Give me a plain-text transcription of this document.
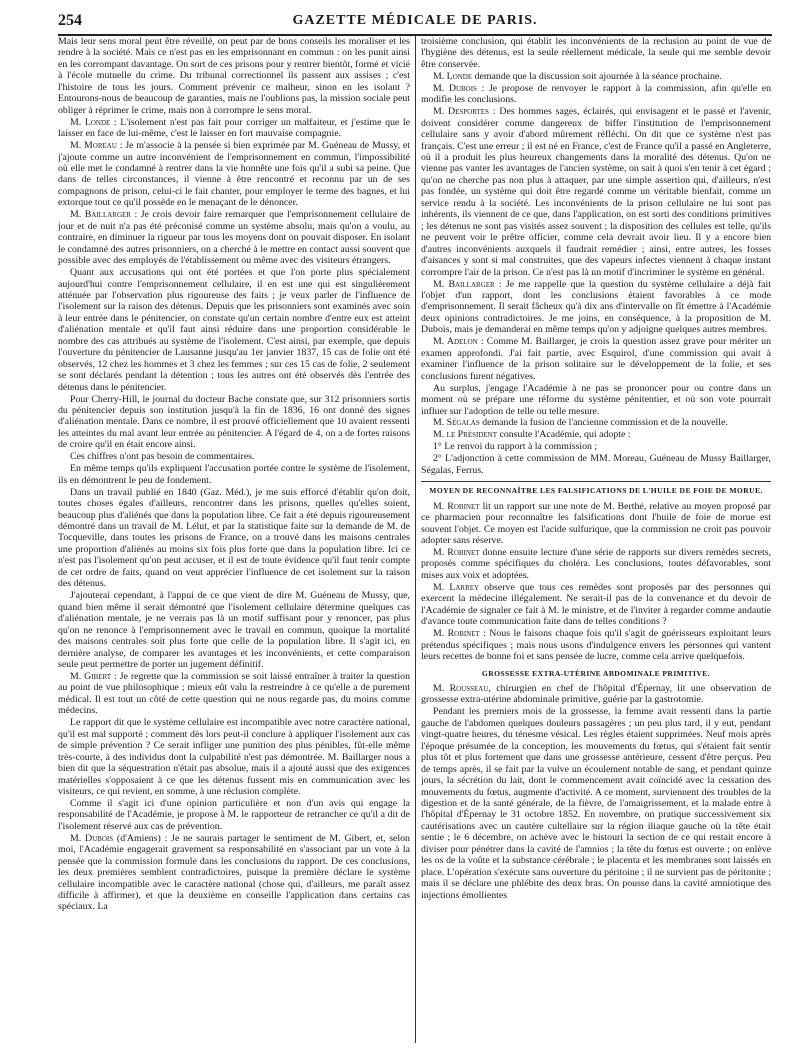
254	GAZETTE MÉDICALE DE PARIS.

Mais leur sens moral peut être réveillé, on peut par de bons conseils les moraliser et les rendre à la société. Mais ce n'est pas en les emprisonnant en commun : on les punit ainsi en les corrompant davantage. On sort de ces prisons pour y rentrer bientôt, formé et vicié à l'école mutuelle du crime. Du tribunal correctionnel ils passent aux assises ; c'est l'histoire de tous les jours. Comment prévenir ce malheur, sinon en les isolant ? Entourons-nous de beaucoup de garanties, mais ne l'oublions pas, la mission sociale peut obliger à réprimer le crime, mais non à corrompre le sens moral.

M. Londe : L'isolement n'est pas fait pour corriger un malfaiteur, et j'estime que le laisser en face de lui-même, c'est le laisser en fort mauvaise compagnie.

M. Moreau : Je m'associe à la pensée si bien exprimée par M. Guéneau de Mussy, et j'ajoute comme un autre inconvénient de l'emprisonnement en commun, l'impossibilité où elle met le condamné à rentrer dans la vie honnête une fois qu'il a subi sa peine. Que dans de telles circonstances, il vienne à être rencontré et reconnu par un de ses compagnons de prison, celui-ci le fait chanter, pour employer le terme des bagnes, et lui extorque tout ce qu'il possède en le menaçant de le dénoncer.

M. Baillarger : Je crois devoir faire remarquer que l'emprisonnement cellulaire de jour et de nuit n'a pas été préconisé comme un système absolu, mais qu'on a voulu, au contraire, en diminuer la rigueur par tous les moyens dont on pouvait disposer. En isolant le condamné des autres prisonniers, on a cherché à le mettre en contact aussi souvent que possible avec des employés de l'établissement ou même avec des visiteurs étrangers.

Quant aux accusations qui ont été portées et que l'on porte plus spécialement aujourd'hui contre l'emprisonnement cellulaire, il en est une qui est singulièrement atténuée par l'observation plus rigoureuse des faits ; je veux parler de l'influence de l'isolement sur la raison des détenus. Depuis que les prisonniers sont examinés avec soin à leur entrée dans le pénitencier, on constate qu'un certain nombre d'entre eux est atteint d'aliénation mentale et qu'il faut ainsi réduire dans une proportion considérable le nombre des cas attribués au système de l'isolement. C'est ainsi, par exemple, que depuis l'ouverture du pénitencier de Lausanne jusqu'au 1er janvier 1837, 15 cas de folie ont été observés, 12 chez les hommes et 3 chez les femmes ; sur ces 15 cas de folie, 2 seulement se sont déclarés pendant la détention ; tous les autres ont été observés dès l'entrée des détenus dans le pénitencier.

Pour Cherry-Hill, le journal du docteur Bache constate que, sur 312 prisonniers sortis du pénitencier depuis son institution jusqu'à la fin de 1836, 16 ont donné des signes d'aliénation mentale. Dans ce nombre, il est prouvé officiellement que 10 avaient ressenti les atteintes du mal avant leur entrée au pénitencier. A l'égard de 4, on a de fortes raisons de croire qu'il en était encore ainsi.

Ces chiffres n'ont pas besoin de commentaires.

En même temps qu'ils expliquent l'accusation portée contre le système de l'isolement, ils en démontrent le peu de fondement.

Dans un travail publié en 1840 (Gaz. Méd.), je me suis efforcé d'établir qu'on doit, toutes choses égales d'ailleurs, rencontrer dans les prisons, quelles qu'elles soient, beaucoup plus d'aliénés que dans la population libre. Ce fait a été depuis rigoureusement démontré dans un travail de M. Lélut, et par la statistique faite sur la demande de M. de Tocqueville, dans toutes les prisons de France, on a trouvé dans les maisons centrales une proportion d'aliénés au moins six fois plus forte que dans la population libre. Ici ce n'est pas l'isolement qu'on peut accuser, et il est de toute évidence qu'il faut tenir compte de cet ordre de faits, quand on veut apprécier l'influence de cet isolement sur la raison des détenus.

J'ajouterai cependant, à l'appui de ce que vient de dire M. Guéneau de Mussy, que, quand bien même il serait démontré que l'isolement cellulaire détermine quelques cas d'aliénation mentale, je ne verrais pas là un motif suffisant pour y renoncer, pas plus qu'on ne renonce à l'emprisonnement avec le travail en commun, quoique la mortalité des maisons centrales soit plus forte que celle de la population libre. Il s'agit ici, en dernière analyse, de comparer les avantages et les inconvénients, et cette comparaison seule peut permettre de porter un jugement définitif.

M. Gibert : Je regrette que la commission se soit laissé entraîner à traiter la question au point de vue philosophique ; mieux eût valu la restreindre à ce qu'elle a de purement médical. Il est tout un côté de cette question qui ne nous regarde pas, du moins comme médecins.

Le rapport dit que le système cellulaire est incompatible avec notre caractère national, qu'il est mal supporté ; comment dès lors peut-il conclure à appliquer l'isolement aux cas de simple prévention ? Ce serait infliger une punition des plus pénibles, fût-elle même très-courte, à des individus dont la culpabilité n'est pas démontrée. M. Baillarger nous a bien dit que la séquestration n'était pas absolue, mais il a ajouté aussi que des exigences matérielles s'opposaient à ce que les détenus fussent mis en communication avec les visiteurs, ce qui revient, en somme, à une réclusion complète.

Comme il s'agit ici d'une opinion particulière et non d'un avis qui engage la responsabilité de l'Académie, je propose à M. le rapporteur de retrancher ce qu'il a dit de l'isolement réservé aux cas de prévention.

M. Dubois (d'Amiens) : Je ne saurais partager le sentiment de M. Gibert, et, selon moi, l'Académie engagerait gravement sa responsabilité en s'associant par un vote à la pensée que la commission formule dans les conclusions du rapport. De ces conclusions, les deux premières semblent contradictoires, puisque la première déclare le système cellulaire incompatible avec le caractère national (chose qui, d'ailleurs, me paraît assez difficile à affirmer), et que la deuxième en conseille l'application dans certains cas spéciaux. La

troisième conclusion, qui établit les inconvénients de la reclusion au point de vue de l'hygiène des détenus, est la seule réellement médicale, la seule qui me semble devoir être conservée.

M. Londe demande que la discussion soit ajournée à la séance prochaine.

M. Dubois : Je propose de renvoyer le rapport à la commission, afin qu'elle en modifie les conclusions.

M. Desportes : Des hommes sages, éclairés, qui envisagent et le passé et l'avenir, doivent considérer comme dangereux de biffer l'institution de l'emprisonnement cellulaire sans y avoir d'abord mûrement réfléchi. On dit que ce système n'est pas français. C'est une erreur ; il est né en France, c'est de France qu'il a passé en Angleterre, où il a produit les plus heureux changements dans la moralité des détenus. Qu'on ne vienne pas vanter les avantages de l'ancien système, on sait à quoi s'en tenir à cet égard ; qu'on ne cherche pas non plus à attaquer, par une simple assertion qui, d'ailleurs, n'est pas fondée, un système qui doit être regardé comme un véritable bienfait, comme un service rendu à la société. Les inconvénients de la prison cellulaire ne lui sont pas inhérents, ils viennent de ce que, dans l'application, on est sorti des conditions primitives ; les détenus ne sont pas visités assez souvent ; la disposition des cellules est telle, qu'ils ne peuvent voir le prêtre officier, comme cela devrait avoir lieu. Il y a encore bien d'autres inconvénients auxquels il faudrait remédier ; ainsi, entre autres, les fosses d'aisances y sont si mal construites, que des vapeurs infectes viennent à chaque instant corrompre l'air de la prison. Ce n'est pas là un motif d'incriminer le système en général.

M. Baillarger : Je me rappelle que la question du système cellulaire a déjà fait l'objet d'un rapport, dont les conclusions étaient favorables à ce mode d'emprisonnement. Il serait fâcheux qu'à dix ans d'intervalle on fît émettre à l'Académie deux opinions contradictoires. Je me joins, en conséquence, à la proposition de M. Dubois, mais je demanderai en même temps qu'on y adjoigne quelques autres membres.

M. Adelon : Comme M. Baillarger, je crois la question assez grave pour mériter un examen approfondi. J'ai fait partie, avec Esquirol, d'une commission qui avait à examiner l'influence de la prison solitaire sur le développement de la folie, et ses conclusions furent négatives.

Au surplus, j'engage l'Académie à ne pas se prononcer pour ou contre dans un moment où se prépare une réforme du système pénitentier, et où son vote pourrait influer sur l'adoption de telle ou telle mesure.

M. Ségalas demande la fusion de l'ancienne commission et de la nouvelle.

M. le Président consulte l'Académie, qui adopte :

1° Le renvoi du rapport à la commission ;

2° L'adjonction à cette commission de MM. Moreau, Guéneau de Mussy Baillarger, Ségalas, Ferrus.

MOYEN DE RECONNAÎTRE LES FALSIFICATIONS DE L'HUILE DE FOIE DE MORUE.

M. Robinet lit un rapport sur une note de M. Berthé, relative au moyen proposé par ce pharmacien pour reconnaître les falsifications dont l'huile de foie de morue est souvent l'objet. Ce moyen est l'acide sulfurique, que la commission ne croit pas pouvoir adopter sans réserve.

M. Robinet donne ensuite lecture d'une série de rapports sur divers remèdes secrets, proposés comme spécifiques du choléra. Les conclusions, toutes défavorables, sont mises aux voix et adoptées.

M. Larrey observe que tous ces remèdes sont proposés par des personnes qui exercent la médecine illégalement. Ne serait-il pas de la convenance et du devoir de l'Académie de signaler ce fait à M. le ministre, et de l'inviter à regarder comme andautie d'avance toute communication faite dans de telles conditions ?

M. Robinet : Nous le faisons chaque fois qu'il s'agit de guérisseurs exploitant leurs prétendus spécifiques ; mais nous usons d'indulgence envers les personnes qui vantent leurs recettes de bonne foi et sans pensée de lucre, comme cela arrive quelquefois.

GROSSESSE EXTRA-UTÉRINE ABDOMINALE PRIMITIVE.

M. Rousseau, chirurgien en chef de l'hôpital d'Épernay, lit une observation de grossesse extra-utérine abdominale primitive, guérie par la gastrotomie.

Pendant les premiers mois de la grossesse, la femme avait ressenti dans la partie gauche de l'abdomen quelques douleurs passagères ; un peu plus tard, il y eut, pendant vingt-quatre heures, du ténesme vésical. Les règles étaient supprimées. Neuf mois après l'époque présumée de la conception, les mouvements du fœtus, qui s'étaient fait sentir plus tôt et plus fortement que dans une grossesse antérieure, cessent d'être perçus. Peu de temps après, il se fait par la vulve un écoulement notable de sang, et pendant quinze jours, la sécrétion du lait, dont le commencement avait coïncidé avec la cessation des mouvements du fœtus, augmente d'activité. A ce moment, surviennent des troubles de la digestion et de la santé générale, de la fièvre, de l'amaigrissement, et la malade entre à l'hôpital d'Épernay le 31 octobre 1852. En novembre, on pratique successivement six cautérisations avec un cautère cultellaire sur la région iliaque gauche où la tête était sentie ; le 6 décembre, on achève avec le bistouri la section de ce qui restait encore à diviser pour pénétrer dans la cavité de l'amnios ; la tête du fœtus est ouverte ; on enlève les os de la voûte et la substance cérébrale ; le placenta et les membranes sont laissés en place. L'opération s'exécute sans ouverture du péritoine ; il ne survient pas de péritonite ; mais il se déclare une phlébite des deux bras. On pousse dans la cavité amniotique des injections émollientes
